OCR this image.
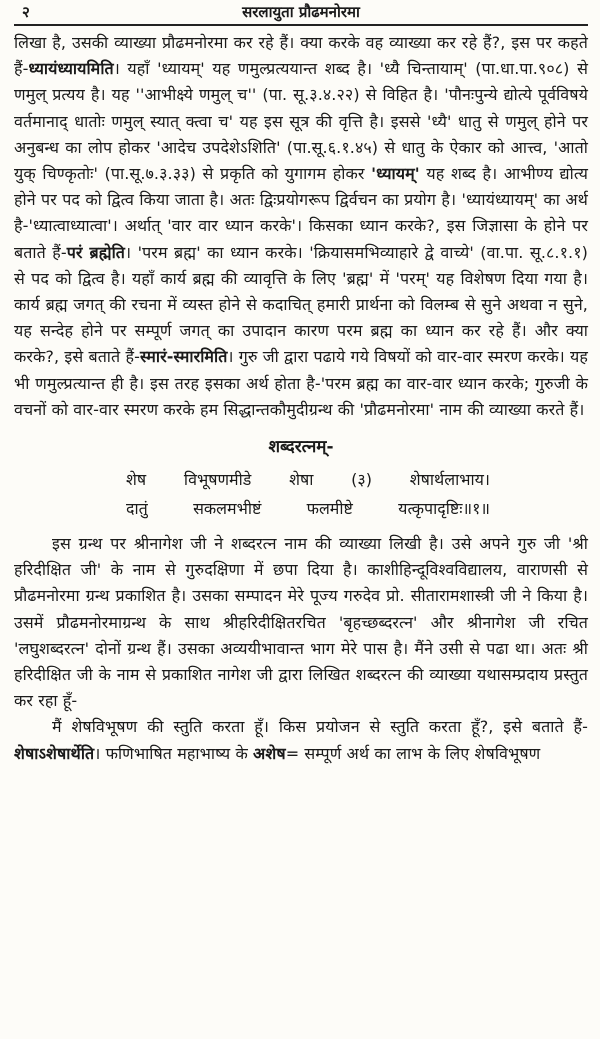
२	सरलायुता प्रौढमनोरमा

लिखा है, उसकी व्याख्या प्रौढमनोरमा कर रहे हैं। क्या करके वह व्याख्या कर रहे हैं?, इस पर कहते हैं-ध्यायंध्यायमिति। यहाँ 'ध्यायम्' यह णमुल्प्रत्ययान्त शब्द है। 'ध्यै चिन्तायाम्' (पा.धा.पा.९०८) से णमुल् प्रत्यय है। यह ''आभीक्ष्ये णमुल् च'' (पा. सू.३.४.२२) से विहित है। 'पौनःपुन्ये द्योत्ये पूर्वविषये वर्तमानाद् धातोः णमुल् स्यात् क्त्वा च' यह इस सूत्र की वृत्ति है। इससे 'ध्यै' धातु से णमुल् होने पर अनुबन्ध का लोप होकर 'आदेच उपदेशेऽशिति' (पा.सू.६.१.४५) से धातु के ऐकार को आत्त्व, 'आतो युक् चिण्कृतोः' (पा.सू.७.३.३३) से प्रकृति को युगागम होकर 'ध्यायम्' यह शब्द है। आभीण्य द्योत्य होने पर पद को द्वित्व किया जाता है। अतः द्विःप्रयोगरूप द्विर्वचन का प्रयोग है। 'ध्यायंध्यायम्' का अर्थ है-'ध्यात्वाध्यात्वा'। अर्थात् 'वार वार ध्यान करके'। किसका ध्यान करके?, इस जिज्ञासा के होने पर बताते हैं-परं ब्रह्मेति। 'परम ब्रह्म' का ध्यान करके। 'क्रियासमभिव्याहारे द्वे वाच्ये' (वा.पा. सू.८.१.१) से पद को द्वित्व है। यहाँ कार्य ब्रह्म की व्यावृत्ति के लिए 'ब्रह्म' में 'परम्' यह विशेषण दिया गया है। कार्य ब्रह्म जगत् की रचना में व्यस्त होने से कदाचित् हमारी प्रार्थना को विलम्ब से सुने अथवा न सुने, यह सन्देह होने पर सम्पूर्ण जगत् का उपादान कारण परम ब्रह्म का ध्यान कर रहे हैं। और क्या करके?, इसे बताते हैं-स्मारं-स्मारमिति। गुरु जी द्वारा पढाये गये विषयों को वार-वार स्मरण करके। यह भी णमुल्प्रत्यान्त ही है। इस तरह इसका अर्थ होता है-'परम ब्रह्म का वार-वार ध्यान करके; गुरुजी के वचनों को वार-वार स्मरण करके हम सिद्धान्तकौमुदीग्रन्थ की 'प्रौढमनोरमा' नाम की व्याख्या करते हैं।

शब्दरत्नम्-
शेष विभूषणमीडे शेषा (३) शेषार्थलाभाय।
दातुं	सकलमभीष्टं	फलमीष्टे	यत्कृपादृष्टिः॥१॥

इस ग्रन्थ पर श्रीनागेश जी ने शब्दरत्न नाम की व्याख्या लिखी है। उसे अपने गुरु जी 'श्री हरिदीक्षित जी' के नाम से गुरुदक्षिणा में छपा दिया है। काशीहिन्दूविश्वविद्यालय, वाराणसी से प्रौढमनोरमा ग्रन्थ प्रकाशित है। उसका सम्पादन मेरे पूज्य गरुदेव प्रो. सीतारामशास्त्री जी ने किया है। उसमें प्रौढमनोरमाग्रन्थ के साथ श्रीहरिदीक्षितरचित 'बृहच्छब्दरत्न' और श्रीनागेश जी रचित 'लघुशब्दरत्न' दोनों ग्रन्थ हैं। उसका अव्ययीभावान्त भाग मेरे पास है। मैंने उसी से पढा था। अतः श्री हरिदीक्षित जी के नाम से प्रकाशित नागेश जी द्वारा लिखित शब्दरत्न की व्याख्या यथासम्प्रदाय प्रस्तुत कर रहा हूँ-

मैं शेषविभूषण की स्तुति करता हूँ। किस प्रयोजन से स्तुति करता हूँ?, इसे बताते हैं-शेषाऽशेषार्थेति। फणिभाषित महाभाष्य के अशेष= सम्पूर्ण अर्थ का लाभ के लिए शेषविभूषण
